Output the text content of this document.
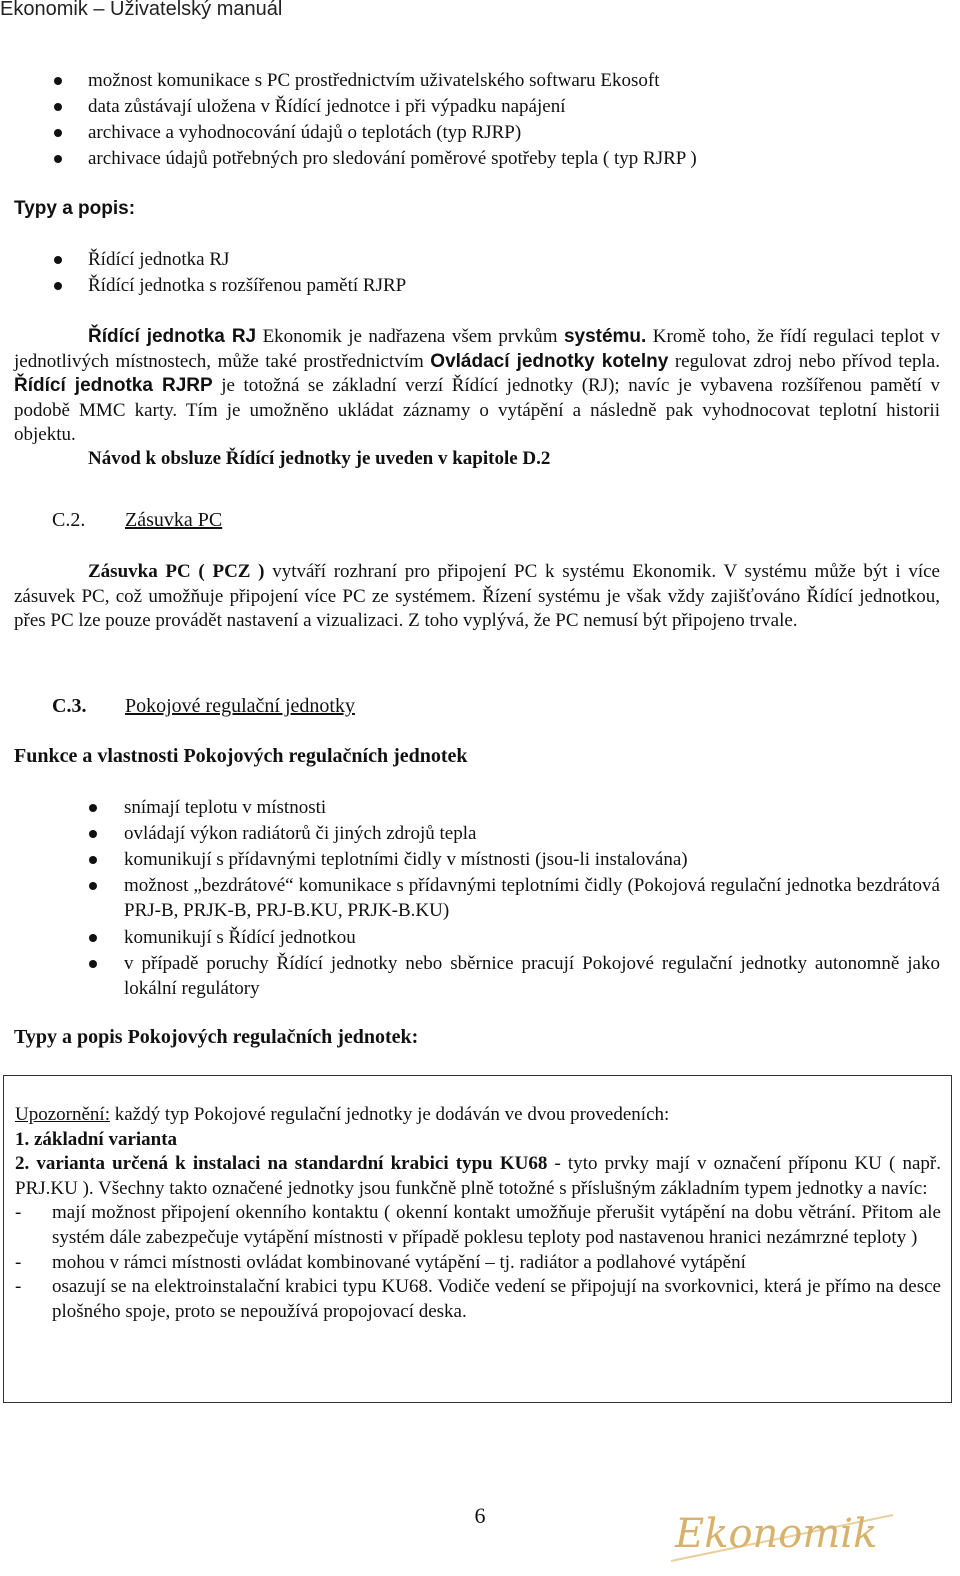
Ekonomik – Uživatelský manuál
možnost komunikace s PC prostřednictvím uživatelského softwaru Ekosoft
data zůstávají uložena v Řídící jednotce i při výpadku napájení
archivace a vyhodnocování údajů o teplotách (typ RJRP)
archivace údajů potřebných pro sledování poměrové spotřeby tepla ( typ RJRP )
Typy a popis:
Řídící jednotka RJ
Řídící jednotka s rozšířenou pamětí RJRP
Řídící jednotka RJ Ekonomik je nadřazena všem prvkům systému. Kromě toho, že řídí regulaci teplot v jednotlivých místnostech, může také prostřednictvím Ovládací jednotky kotelny regulovat zdroj nebo přívod tepla. Řídící jednotka RJRP je totožná se základní verzí Řídící jednotky (RJ); navíc je vybavena rozšířenou pamětí v podobě MMC karty. Tím je umožněno ukládat záznamy o vytápění a následně pak vyhodnocovat teplotní historii objektu.
Návod k obsluze Řídící jednotky je uveden v kapitole D.2
C.2. Zásuvka PC
Zásuvka PC ( PCZ ) vytváří rozhraní pro připojení PC k systému Ekonomik. V systému může být i více zásuvek PC, což umožňuje připojení více PC ze systémem. Řízení systému je však vždy zajišťováno Řídící jednotkou, přes PC lze pouze provádět nastavení a vizualizaci. Z toho vyplývá, že PC nemusí být připojeno trvale.
C.3. Pokojové regulační jednotky
Funkce a vlastnosti Pokojových regulačních jednotek
snímají teplotu v místnosti
ovládají výkon radiátorů či jiných zdrojů tepla
komunikují s přídavnými teplotními čidly v místnosti (jsou-li instalována)
možnost „bezdrátové“ komunikace s přídavnými teplotními čidly (Pokojová regulační jednotka bezdrátová PRJ-B, PRJK-B, PRJ-B.KU, PRJK-B.KU)
komunikují s Řídící jednotkou
v případě poruchy Řídící jednotky nebo sběrnice pracují Pokojové regulační jednotky autonomně jako lokální regulátory
Typy a popis Pokojových regulačních jednotek:
Upozornění: každý typ Pokojové regulační jednotky je dodáván ve dvou provedeních:
1. základní varianta
2. varianta určená k instalaci na standardní krabici typu KU68 - tyto prvky mají v označení příponu KU ( např. PRJ.KU ). Všechny takto označené jednotky jsou funkčně plně totožné s příslušným základním typem jednotky a navíc:
- mají možnost připojení okenního kontaktu ( okenní kontakt umožňuje přerušit vytápění na dobu větrání. Přitom ale systém dále zabezpečuje vytápění místnosti v případě poklesu teploty pod nastavenou hranici nezámrzné teploty )
- mohou v rámci místnosti ovládat kombinované vytápění – tj. radiátor a podlahové vytápění
- osazují se na elektroinstalační krabici typu KU68. Vodiče vedení se připojují na svorkovnici, která je přímo na desce plošného spoje, proto se nepoužívá propojovací deska.
6	Ekonomik
